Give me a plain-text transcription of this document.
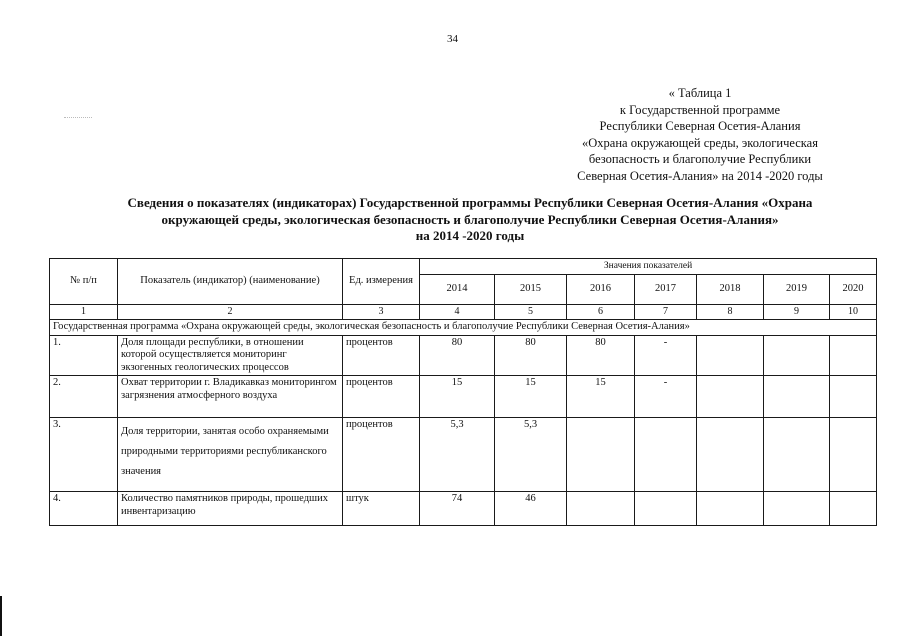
34
« Таблица 1
к Государственной программе
Республики Северная Осетия-Алания
«Охрана окружающей среды, экологическая
безопасность и благополучие Республики
Северная Осетия-Алания» на 2014 -2020 годы
Сведения о показателях (индикаторах) Государственной программы Республики Северная Осетия-Алания «Охрана
окружающей среды, экологическая безопасность и благополучие Республики Северная Осетия-Алания»
на 2014 -2020 годы
№ п/п	Показатель (индикатор) (наименование)	Ед. измерения	Значения показателей						
			2014	2015	2016	2017	2018	2019	2020
1	2	3	4	5	6	7	8	9	10
Государственная программа «Охрана окружающей среды, экологическая безопасность и благополучие Республики Северная Осетия-Алания»									
1.	Доля площади республики, в отношении которой осуществляется мониторинг экзогенных геологических процессов	процентов	80	80	80	-			
2.	Охват территории г. Владикавказ мониторингом загрязнения атмосферного воздуха	процентов	15	15	15	-			
3.	Доля территории, занятая особо охраняемыми природными территориями республиканского значения	процентов	5,3	5,3					
4.	Количество памятников природы, прошедших инвентаризацию	штук	74	46					
